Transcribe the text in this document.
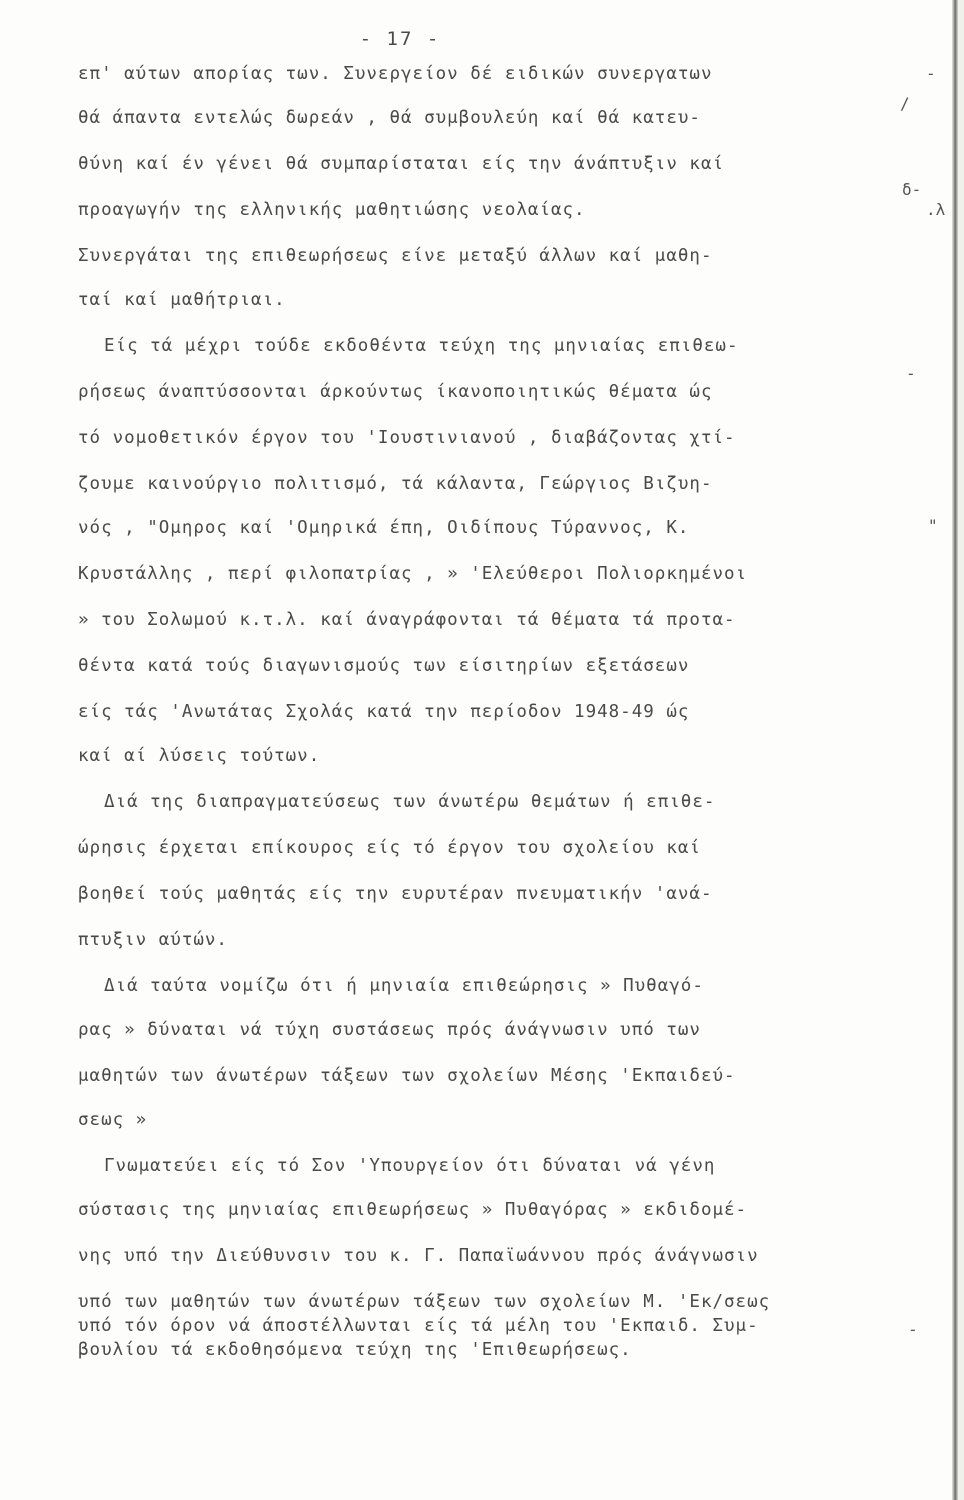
- 17 -
επ' αύτων απορίας των. Συνεργείον δέ ειδικών συνεργατων
θά άπαντα εντελώς δωρεάν , θά συμβουλεύη καί θά κατευ-
θύνη καί έν γένει θά συμπαρίσταται είς την άνάπτυξιν καί
προαγωγήν της ελληνικής μαθητιώσης νεολαίας.
Συνεργάται της επιθεωρήσεως είνε μεταξύ άλλων καί μαθη-
ταί καί μαθήτριαι.
Είς τά μέχρι τούδε εκδοθέντα τεύχη της μηνιαίας επιθεω-
ρήσεως άναπτύσσονται άρκούντως ίκανοποιητικώς θέματα ώς
τό νομοθετικόν έργον του 'Ιουστινιανού , διαβάζοντας χτί-
ζουμε καινούργιο πολιτισμό, τά κάλαντα, Γεώργιος Βιζυη-
νός , "Ομηρος καί 'Ομηρικά έπη, Οιδίπους Τύραννος, Κ.
Κρυστάλλης , περί φιλοπατρίας , » 'Ελεύθεροι Πολιορκημένοι
» του Σολωμού κ.τ.λ. καί άναγράφονται τά θέματα τά προτα-
θέντα κατά τούς διαγωνισμούς των είσιτηρίων εξετάσεων
είς τάς 'Ανωτάτας Σχολάς κατά την περίοδον 1948-49 ώς
καί αί λύσεις τούτων.
Διά της διαπραγματεύσεως των άνωτέρω θεμάτων ή επιθε-
ώρησις έρχεται επίκουρος είς τό έργον του σχολείου καί
βοηθεί τούς μαθητάς είς την ευρυτέραν πνευματικήν 'ανά-
πτυξιν αύτών.
Διά ταύτα νομίζω ότι ή μηνιαία επιθεώρησις » Πυθαγό-
ρας » δύναται νά τύχη συστάσεως πρός άνάγνωσιν υπό των
μαθητών των άνωτέρων τάξεων των σχολείων Μέσης 'Εκπαιδεύ-
σεως »
Γνωματεύει είς τό Σον 'Υπουργείον ότι δύναται νά γένη
σύστασις της μηνιαίας επιθεωρήσεως » Πυθαγόρας » εκδιδομέ-
νης υπό την Διεύθυνσιν του κ. Γ. Παπαϊωάννου πρός άνάγνωσιν
υπό των μαθητών των άνωτέρων τάξεων των σχολείων Μ. 'Εκ/σεως
υπό τόν όρον νά άποστέλλωνται είς τά μέλη του 'Εκπαιδ. Συμ-
βουλίου τά εκδοθησόμενα τεύχη της 'Επιθεωρήσεως.
-
/
δ-
.λ
-
"
-
